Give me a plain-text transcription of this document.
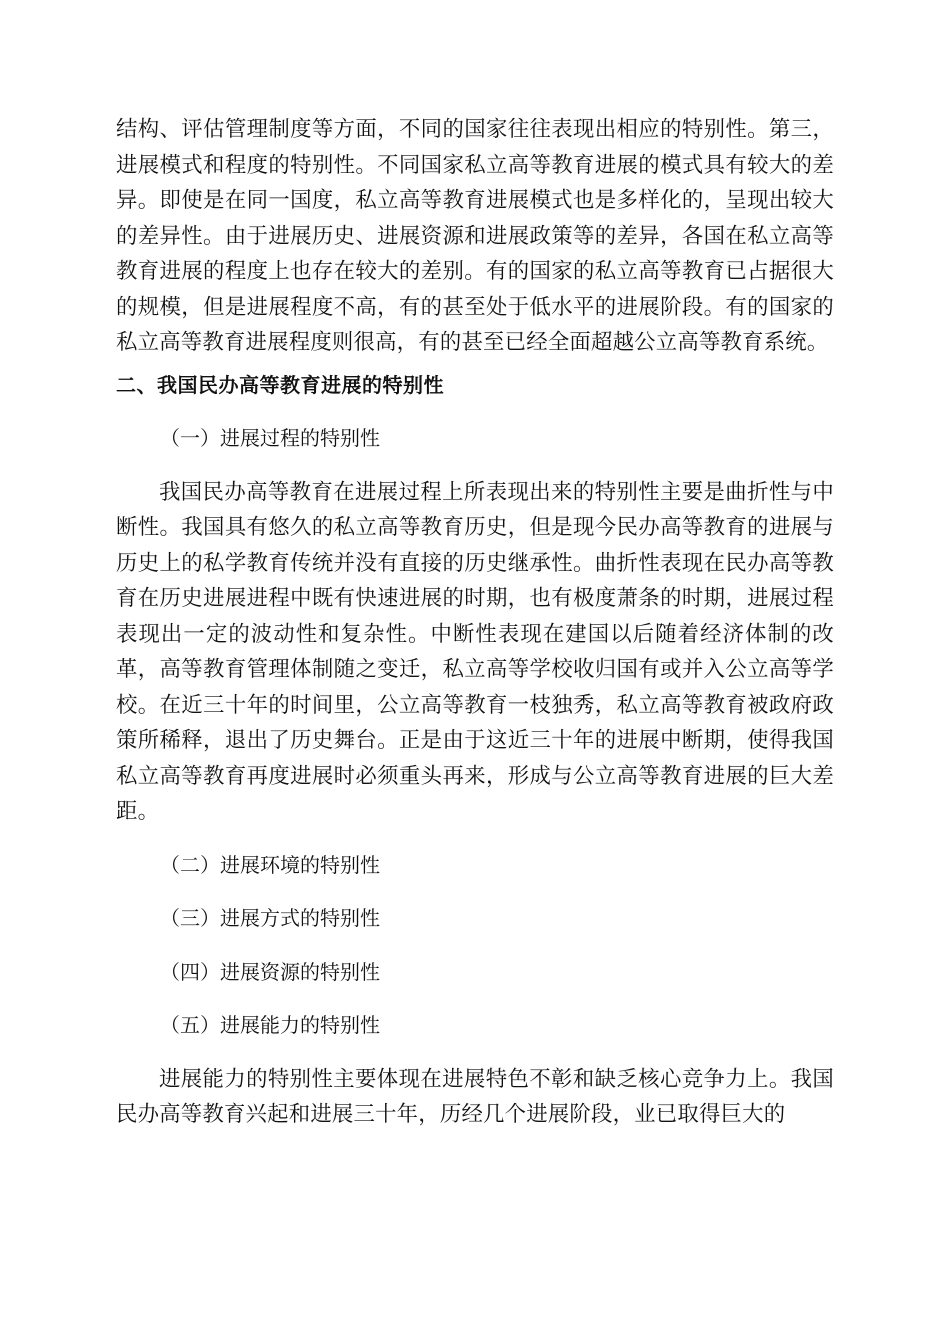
结构、评估管理制度等方面，不同的国家往往表现出相应的特别性。第三，进展模式和程度的特别性。不同国家私立高等教育进展的模式具有较大的差异。即使是在同一国度，私立高等教育进展模式也是多样化的，呈现出较大的差异性。由于进展历史、进展资源和进展政策等的差异，各国在私立高等教育进展的程度上也存在较大的差别。有的国家的私立高等教育已占据很大的规模，但是进展程度不高，有的甚至处于低水平的进展阶段。有的国家的私立高等教育进展程度则很高，有的甚至已经全面超越公立高等教育系统。

二、我国民办高等教育进展的特别性

（一）进展过程的特别性

我国民办高等教育在进展过程上所表现出来的特别性主要是曲折性与中断性。我国具有悠久的私立高等教育历史，但是现今民办高等教育的进展与历史上的私学教育传统并没有直接的历史继承性。曲折性表现在民办高等教育在历史进展进程中既有快速进展的时期，也有极度萧条的时期，进展过程表现出一定的波动性和复杂性。中断性表现在建国以后随着经济体制的改革，高等教育管理体制随之变迁，私立高等学校收归国有或并入公立高等学校。在近三十年的时间里，公立高等教育一枝独秀，私立高等教育被政府政策所稀释，退出了历史舞台。正是由于这近三十年的进展中断期，使得我国私立高等教育再度进展时必须重头再来，形成与公立高等教育进展的巨大差距。

（二）进展环境的特别性

（三）进展方式的特别性

（四）进展资源的特别性

（五）进展能力的特别性

进展能力的特别性主要体现在进展特色不彰和缺乏核心竞争力上。我国民办高等教育兴起和进展三十年，历经几个进展阶段，业已取得巨大的
